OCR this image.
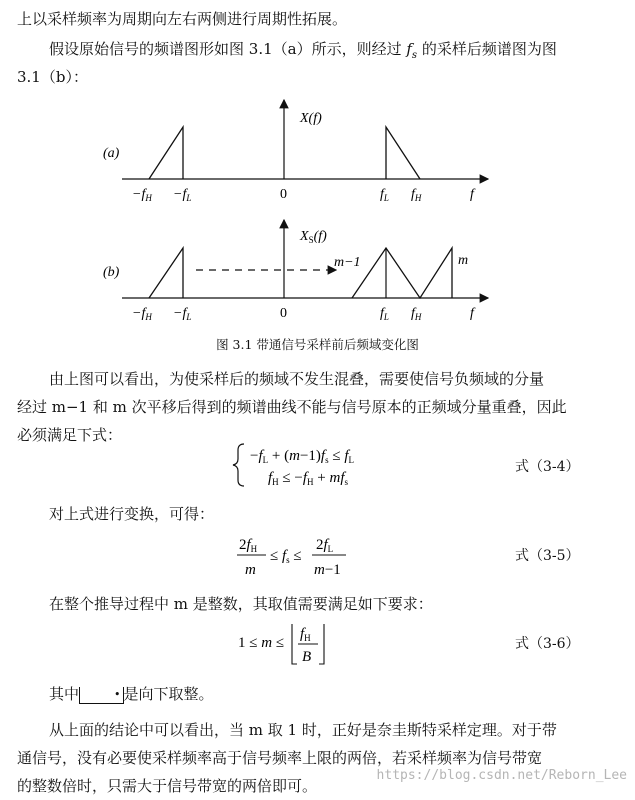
上以采样频率为周期向左右两侧进行周期性拓展。
假设原始信号的频谱图形如图 3.1（a）所示，则经过 $f_s$ 的采样后频谱图为图
3.1（b）：
(a)
X(f)
$-f_H -f_L$	0	$f_L$ $f_H$	f
(b)
$X_S(f)$
m−1	m
$-f_H -f_L$	0	$f_L$ $f_H$	f
图 3.1 带通信号采样前后频域变化图
由上图可以看出，为使采样后的频域不发生混叠，需要使信号负频域的分量
经过 m−1 和 m 次平移后得到的频谱曲线不能与信号原本的正频域分量重叠，因此
必须满足下式：
$-f_L + (m-1)f_s \le f_L$
$f_H \le -f_H + mf_s$
式（3-4）
对上式进行变换，可得：
$2f_H$
m
≤ $f_s$ ≤
$2f_L$
m−1
式（3-5）
在整个推导过程中 m 是整数，其取值需要满足如下要求：
1 ≤ m ≤
$f_H$
B
式（3-6）
其中	• 是向下取整。
从上面的结论中可以看出，当 m 取 1 时，正好是奈圭斯特采样定理。对于带
通信号，没有必要使采样频率高于信号频率上限的两倍，若采样频率为信号带宽
的整数倍时，只需大于信号带宽的两倍即可。
https://blog.csdn.net/Reborn_Lee
